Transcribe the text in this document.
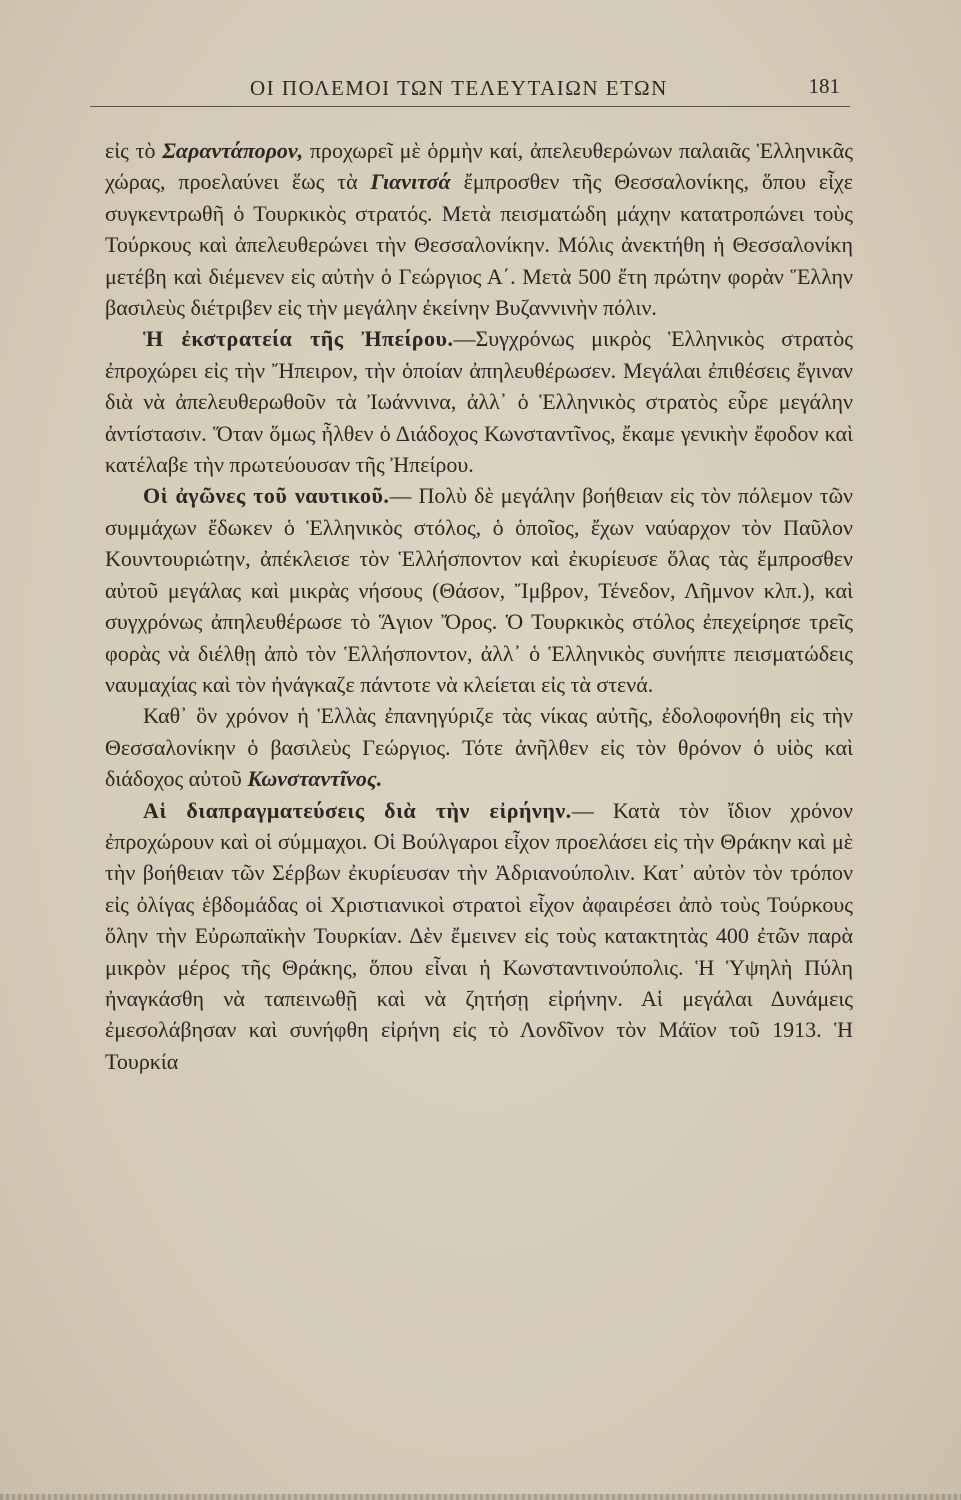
ΟΙ ΠΟΛΕΜΟΙ ΤΩΝ ΤΕΛΕΥΤΑΙΩΝ ΕΤΩΝ	181

εἰς τὸ Σαραντάπορον, προχωρεῖ μὲ ὁρμὴν καί, ἀπελευθερώνων παλαιᾶς Ἑλληνικᾶς χώρας, προελαύνει ἕως τὰ Γιανιτσά ἔμπροσθεν τῆς Θεσσαλονίκης, ὅπου εἶχε συγκεντρωθῆ ὁ Τουρκικὸς στρατός. Μετὰ πεισματώδη μάχην κατατροπώνει τοὺς Τούρκους καὶ ἀπελευθερώνει τὴν Θεσσαλονίκην. Μόλις ἀνεκτήθη ἡ Θεσσαλονίκη μετέβη καὶ διέμενεν εἰς αὐτὴν ὁ Γεώργιος Α΄. Μετὰ 500 ἔτη πρώτην φορὰν Ἕλλην βασιλεὺς διέτριβεν εἰς τὴν μεγάλην ἐκείνην Βυζαννινὴν πόλιν.

Ἡ ἐκστρατεία τῆς Ἠπείρου.—Συγχρόνως μικρὸς Ἑλληνικὸς στρατὸς ἐπροχώρει εἰς τὴν Ἤπειρον, τὴν ὁποίαν ἀπηλευθέρωσεν. Μεγάλαι ἐπιθέσεις ἔγιναν διὰ νὰ ἀπελευθερωθοῦν τὰ Ἰωάννινα, ἀλλ᾽ ὁ Ἑλληνικὸς στρατὸς εὗρε μεγάλην ἀντίστασιν. Ὅταν ὅμως ἦλθεν ὁ Διάδοχος Κωνσταντῖνος, ἔκαμε γενικὴν ἔφοδον καὶ κατέλαβε τὴν πρωτεύουσαν τῆς Ἠπείρου.

Οἱ ἀγῶνες τοῦ ναυτικοῦ.— Πολὺ δὲ μεγάλην βοήθειαν εἰς τὸν πόλεμον τῶν συμμάχων ἔδωκεν ὁ Ἑλληνικὸς στόλος, ὁ ὁποῖος, ἔχων ναύαρχον τὸν Παῦλον Κουντουριώτην, ἀπέκλεισε τὸν Ἑλλήσποντον καὶ ἐκυρίευσε ὅλας τὰς ἔμπροσθεν αὐτοῦ μεγάλας καὶ μικρὰς νήσους (Θάσον, Ἴμβρον, Τένεδον, Λῆμνον κλπ.), καὶ συγχρόνως ἀπηλευθέρωσε τὸ Ἅγιον Ὄρος. Ὁ Τουρκικὸς στόλος ἐπεχείρησε τρεῖς φορὰς νὰ διέλθῃ ἀπὸ τὸν Ἑλλήσποντον, ἀλλ᾽ ὁ Ἑλληνικὸς συνήπτε πεισματώδεις ναυμαχίας καὶ τὸν ἠνάγκαζε πάντοτε νὰ κλείεται εἰς τὰ στενά.

Καθ᾽ ὃν χρόνον ἡ Ἑλλὰς ἐπανηγύριζε τὰς νίκας αὐτῆς, ἐδολοφονήθη εἰς τὴν Θεσσαλονίκην ὁ βασιλεὺς Γεώργιος. Τότε ἀνῆλθεν εἰς τὸν θρόνον ὁ υἱὸς καὶ διάδοχος αὐτοῦ Κωνσταντῖνος.

Αἱ διαπραγματεύσεις διὰ τὴν εἰρήνην.— Κατὰ τὸν ἴδιον χρόνον ἐπροχώρουν καὶ οἱ σύμμαχοι. Οἱ Βούλγαροι εἶχον προελάσει εἰς τὴν Θράκην καὶ μὲ τὴν βοήθειαν τῶν Σέρβων ἐκυρίευσαν τὴν Ἀδριανούπολιν. Κατ᾽ αὐτὸν τὸν τρόπον εἰς ὀλίγας ἑβδομάδας οἱ Χριστιανικοὶ στρατοὶ εἶχον ἀφαιρέσει ἀπὸ τοὺς Τούρκους ὅλην τὴν Εὐρωπαϊκὴν Τουρκίαν. Δὲν ἔμεινεν εἰς τοὺς κατακτητὰς 400 ἐτῶν παρὰ μικρὸν μέρος τῆς Θράκης, ὅπου εἶναι ἡ Κωνσταντινούπολις. Ἡ Ὑψηλὴ Πύλη ἠναγκάσθη νὰ ταπεινωθῇ καὶ νὰ ζητήσῃ εἰρήνην. Αἱ μεγάλαι Δυνάμεις ἐμεσολάβησαν καὶ συνήφθη εἰρήνη εἰς τὸ Λονδῖνον τὸν Μάϊον τοῦ 1913. Ἡ Τουρκία
